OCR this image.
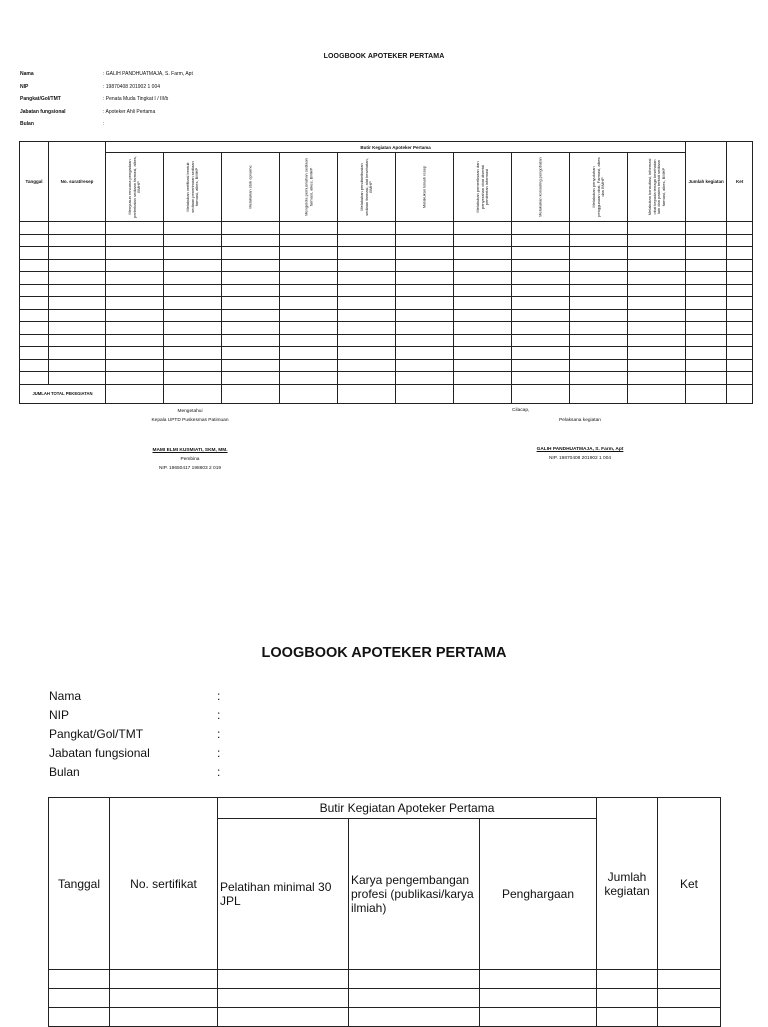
LOOGBOOK APOTEKER PERTAMA
Nama	: GALIH PANDHUATMAJA, S. Farm, Apt
NIP	: 19870408 201902 1 004
Pangkat/Gol/TMT	: Penata Muda Tingkat I / III/b
Jabatan fungsional	: Apoteker Ahli Pertama
Bulan	:
Tanggal	No. surat/resep	Butir Kegiatan Apoteker Pertama										Jumlah kegiatan	Ket

		Menyusun rencana pengadaan perbekalan sediaan farmasi, alkes, BMHP	Melakukan verifikasi bentuk sediaan penerimaan sediaan farmasi, alkes, BMHP	Melakukan stok opname	Mengelola pemusnahan sediaan farmasi, alkes, BMHP	Melakukan pendistribusian sediaan farmasi, alat kesehatan, BMHP	Melakukan telaah resep	Melakukan pemeriksaan dan penyerahan obat disertai pemberian informasi	Melakukan konseling pengobatan	Melakukan penyuluhan penggunaan obat, Farmasi, alkes dan BMHP	Melakukan konsultasi, informasi obat kepada tenaga kesehatan lain dan pasien terkait sediaan farmasi, alkes, BMHP		

JUMLAH TOTAL PEKEGIATAN													
Mengetahui
Kepala UPTD Puskesmas Patimuan
MAMI ELMI KUSMIATI, SKM, MM.
Pembina
NIP. 19650417 198603 2 019
Cilacap,
Pelaksana kegiatan
GALIH PANDHUATMAJA, S. Farm, Apt
NIP. 19870408 201902 1 004
LOOGBOOK APOTEKER PERTAMA
Nama	:
NIP	:
Pangkat/Gol/TMT	:
Jabatan fungsional	:
Bulan	:
Tanggal	No. sertifikat	Butir Kegiatan Apoteker Pertama			Jumlah kegiatan	Ket
		Pelatihan minimal 30 JPL	Karya pengembangan profesi (publikasi/karya ilmiah)	Penghargaan		
